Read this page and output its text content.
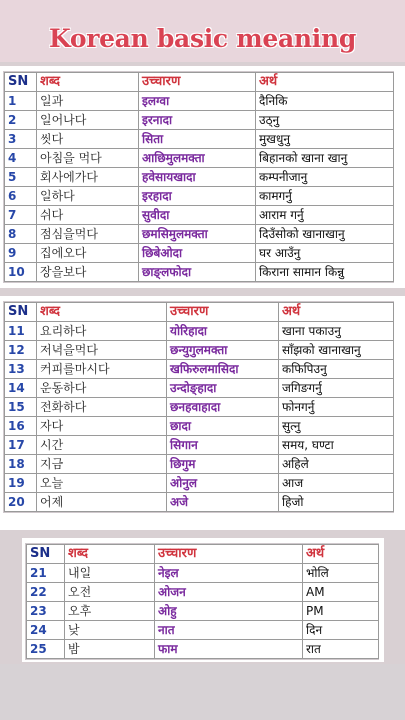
Korean basic meaning
SN	शब्द	उच्चारण	अर्थ
1	일과	इलग्वा	दैनिकि
2	일어나다	इरनादा	उठ्नु
3	씻다	सिता	मुखधुनु
4	아침을 먹다	आछिमुलमक्ता	बिहानको खाना खानु
5	회사에가다	हवेसायखादा	कम्पनीजानु
6	일하다	इरहादा	कामगर्नु
7	쉬다	सुवीदा	आराम गर्नु
8	점심을먹다	छमसिमुलमक्ता	दिउँसोको खानाखानु
9	집에오다	छिबेओदा	घर आउँनु
10	장을보다	छाङ्लफोदा	किराना सामान किन्नु
SN	शब्द	उच्चारण	अर्थ
11	요리하다	योरिहादा	खाना पकाउनु
12	저녁을먹다	छन्युगुलमक्ता	साँझको खानाखानु
13	커피를마시다	खफिरुलमासिदा	कफिपिउनु
14	운동하다	उन्दोङ्हादा	जगिङगर्नु
15	전화하다	छनहवाहादा	फोनगर्नु
16	자다	छादा	सुत्नु
17	시간	सिगान	समय, घण्टा
18	지금	छिगुम	अहिले
19	오늘	ओनुल	आज
20	어제	अजे	हिजो
SN	शब्द	उच्चारण	अर्थ
21	내일	नेइल	भोलि
22	오전	ओजन	AM
23	오후	ओहु	PM
24	낮	नात	दिन
25	밤	फाम	रात
